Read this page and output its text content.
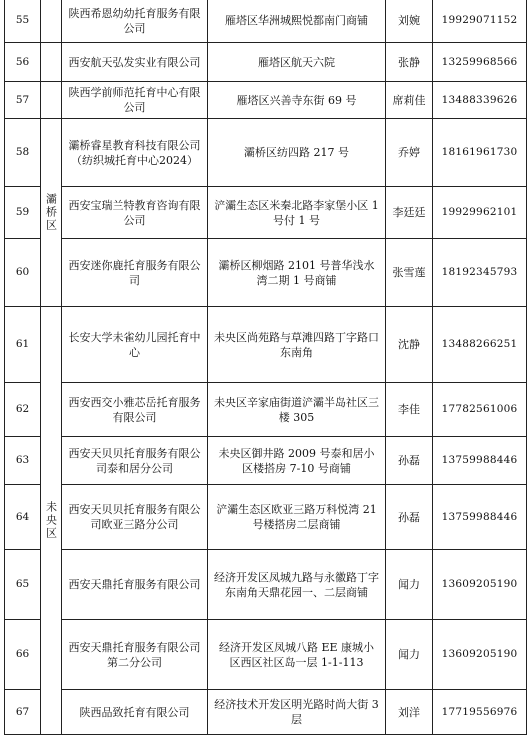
55		陕西希恩幼幼托育服务有限公司	雁塔区华洲城熙悦都南门商铺	刘婉	19929071152
56		西安航天弘发实业有限公司	雁塔区航天六院	张静	13259968566
57		陕西学前师范托育中心有限公司	雁塔区兴善寺东街 69 号	席莉佳	13488339626
58	灞桥区	灞桥睿星教育科技有限公司（纺织城托育中心2024）	灞桥区纺四路 217 号	乔婷	18161961730
59		西安宝瑞兰特教育咨询有限公司	浐灞生态区米秦北路李家堡小区 1 号付 1 号	李廷廷	19929962101
60		西安迷你鹿托育服务有限公司	灞桥区柳烟路 2101 号普华浅水湾二期 1 号商铺	张雪莲	18192345793
61	未央区	长安大学未雀幼儿园托育中心	未央区尚苑路与草滩四路丁字路口东南角	沈静	13488266251
62		西安西交小雅芯岳托育服务有限公司	未央区辛家庙街道浐灞半岛社区三楼 305	李佳	17782561006
63		西安天贝贝托育服务有限公司泰和居分公司	未央区御井路 2009 号泰和居小区楼搭房 7-10 号商铺	孙磊	13759988446
64		西安天贝贝托育服务有限公司欧亚三路分公司	浐灞生态区欧亚三路万科悦湾 21 号楼搭房二层商铺	孙磊	13759988446
65		西安天鼎托育服务有限公司	经济开发区凤城九路与永徽路丁字东南角天鼎花园一、二层商铺	闻力	13609205190
66		西安天鼎托育服务有限公司第二分公司	经济开发区凤城八路 EE 康城小区西区社区岛一层 1-1-113	闻力	13609205190
67		陕西品致托育有限公司	经济技术开发区明光路时尚大街 3 层	刘洋	17719556976
